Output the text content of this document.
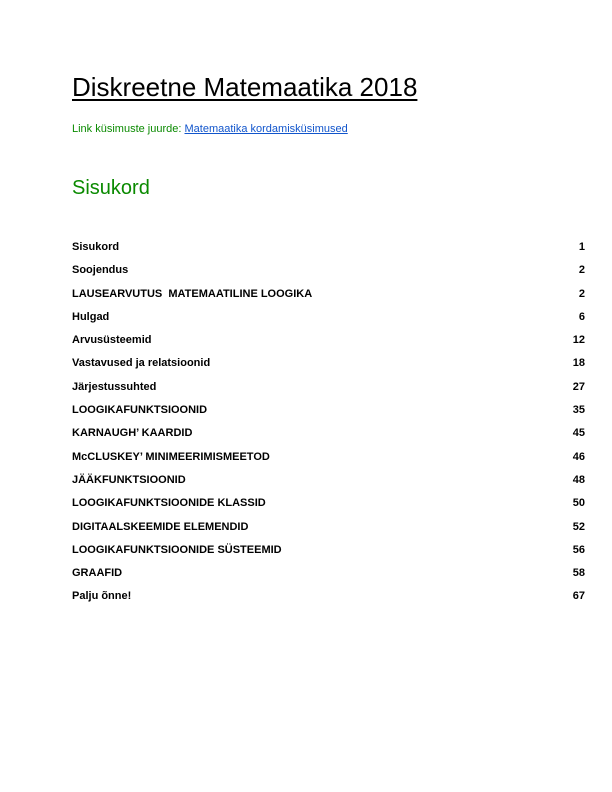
Diskreetne Matemaatika 2018
Link küsimuste juurde: Matemaatika kordamisküsimused
Sisukord
Sisukord	1
Soojendus	2
LAUSEARVUTUS  MATEMAATILINE LOOGIKA	2
Hulgad	6
Arvusüsteemid	12
Vastavused ja relatsioonid	18
Järjestussuhted	27
LOOGIKAFUNKTSIOONID	35
KARNAUGH’ KAARDID	45
McCLUSKEY’ MINIMEERIMISMEETOD	46
JÄÄKFUNKTSIOONID	48
LOOGIKAFUNKTSIOONIDE KLASSID	50
DIGITAALSKEEMIDE ELEMENDID	52
LOOGIKAFUNKTSIOONIDE SÜSTEEMID	56
GRAAFID	58
Palju õnne!	67
